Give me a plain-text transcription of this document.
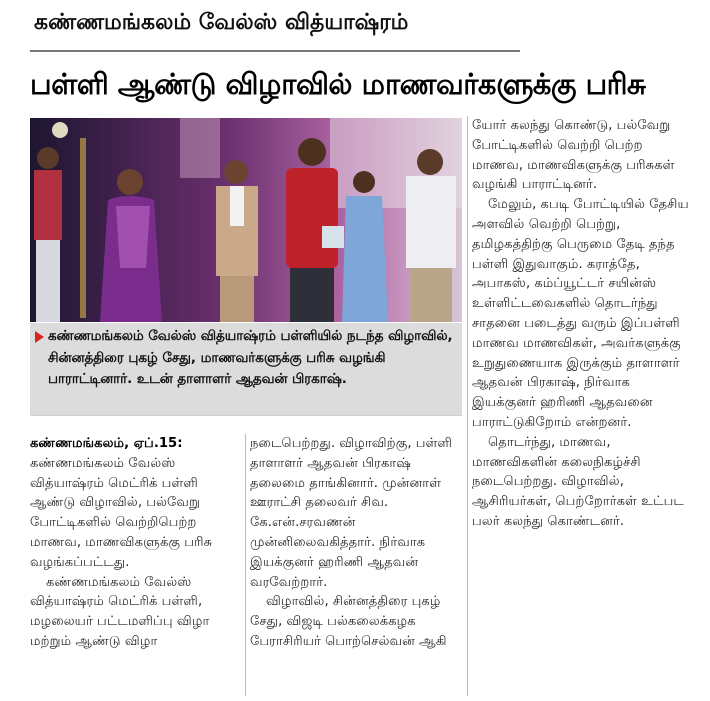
கண்ணமங்கலம் வேல்ஸ் வித்யாஷ்ரம்
பள்ளி ஆண்டு விழாவில் மாணவர்களுக்கு பரிசு
கண்ணமங்கலம் வேல்ஸ் வித்யாஷ்ரம் பள்ளியில் நடந்த விழாவில், சின்னத்திரை புகழ் சேது, மாணவர்களுக்கு பரிசு வழங்கி பாராட்டினார். உடன் தாளாளர் ஆதவன் பிரகாஷ்.

கண்ணமங்கலம், ஏப்.15: கண்ணமங்கலம் வேல்ஸ் வித்யாஷ்ரம் மெட்ரிக் பள்ளி ஆண்டு விழாவில், பல்வேறு போட்டிகளில் வெற்றிபெற்ற மாணவ, மாணவிகளுக்கு பரிசு வழங்கப்பட்டது.

கண்ணமங்கலம் வேல்ஸ் வித்யாஷ்ரம் மெட்ரிக் பள்ளி, மழலையர் பட்டமளிப்பு விழா மற்றும் ஆண்டு விழா

நடைபெற்றது. விழாவிற்கு, பள்ளி தாளாளர் ஆதவன் பிரகாஷ் தலைமை தாங்கினார். முன்னாள் ஊராட்சி தலைவர் சிவ. கே.என்.சரவணன் முன்னிலைவகித்தார். நிர்வாக இயக்குனர் ஹரிணி ஆதவன் வரவேற்றார்.

விழாவில், சின்னத்திரை புகழ் சேது, விஜடி பல்கலைக்கழக பேராசிரியர் பொற்செல்வன் ஆகி

யோர் கலந்து கொண்டு, பல்வேறு போட்டிகளில் வெற்றி பெற்ற மாணவ, மாணவிகளுக்கு பரிசுகள் வழங்கி பாராட்டினர்.

மேலும், கபடி போட்டியில் தேசிய அளவில் வெற்றி பெற்று, தமிழகத்திற்கு பெருமை தேடி தந்த பள்ளி இதுவாகும். கராத்தே, அபாகஸ், கம்ப்யூட்டர் சயின்ஸ் உள்ளிட்டவைகளில் தொடர்ந்து சாதனை படைத்து வரும் இப்பள்ளி மாணவ மாணவிகள், அவர்களுக்கு உறுதுணையாக இருக்கும் தாளாளர் ஆதவன் பிரகாஷ், நிர்வாக இயக்குனர் ஹரிணி ஆதவனை பாராட்டுகிறோம் என்றனர்.

தொடர்ந்து, மாணவ, மாணவிகளின் கலைநிகழ்ச்சி நடைபெற்றது. விழாவில், ஆசிரியர்கள், பெற்றோர்கள் உட்பட பலர் கலந்து கொண்டனர்.
